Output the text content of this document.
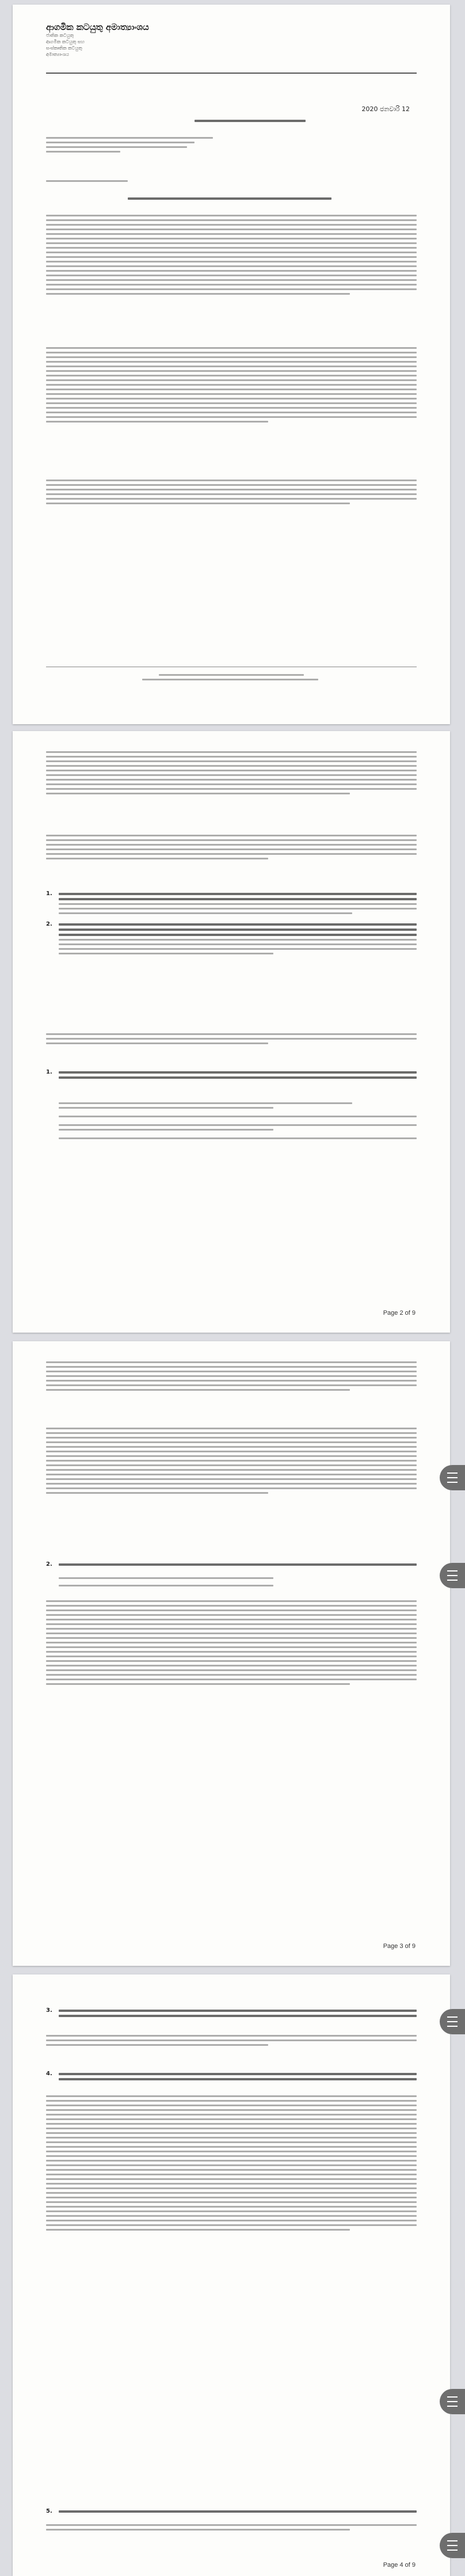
ආගමික කටයුතු අමාත්‍යාංශය
ජාතික කටයුතු
ආගමික කටයුතු සහ
සංස්කෘතික කටයුතු
අමාත්‍යාංශය
2020 ජනවාරි 12
1.
2.
1.
Page 2 of 9
2.
Page 3 of 9
3.
4.
5.
Page 4 of 9
